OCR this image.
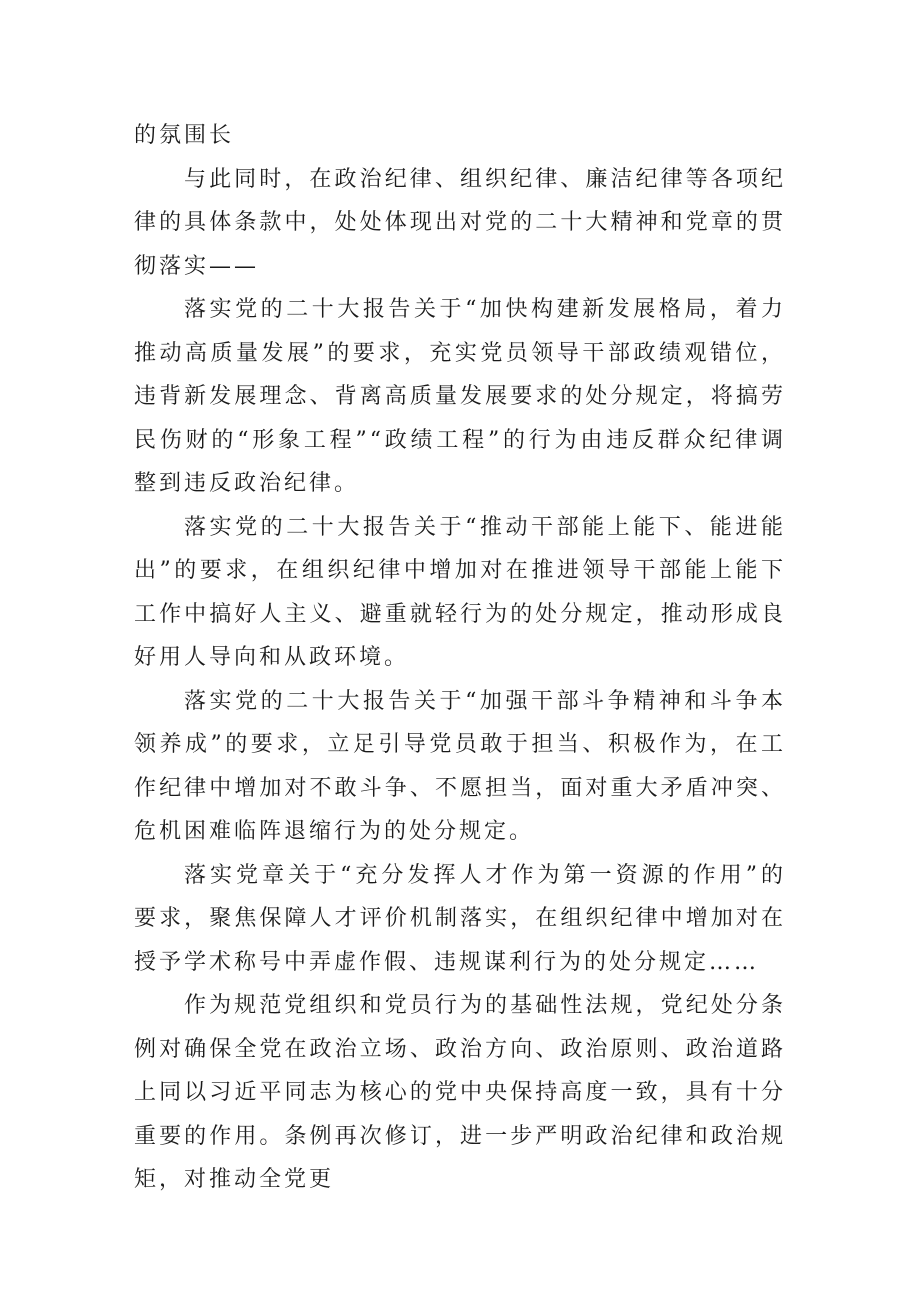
的氛围长

与此同时，在政治纪律、组织纪律、廉洁纪律等各项纪律的具体条款中，处处体现出对党的二十大精神和党章的贯彻落实——

落实党的二十大报告关于“加快构建新发展格局，着力推动高质量发展”的要求，充实党员领导干部政绩观错位，违背新发展理念、背离高质量发展要求的处分规定，将搞劳民伤财的“形象工程”“政绩工程”的行为由违反群众纪律调整到违反政治纪律。

落实党的二十大报告关于“推动干部能上能下、能进能出”的要求，在组织纪律中增加对在推进领导干部能上能下工作中搞好人主义、避重就轻行为的处分规定，推动形成良好用人导向和从政环境。

落实党的二十大报告关于“加强干部斗争精神和斗争本领养成”的要求，立足引导党员敢于担当、积极作为，在工作纪律中增加对不敢斗争、不愿担当，面对重大矛盾冲突、危机困难临阵退缩行为的处分规定。

落实党章关于“充分发挥人才作为第一资源的作用”的要求，聚焦保障人才评价机制落实，在组织纪律中增加对在授予学术称号中弄虚作假、违规谋利行为的处分规定……

作为规范党组织和党员行为的基础性法规，党纪处分条例对确保全党在政治立场、政治方向、政治原则、政治道路上同以习近平同志为核心的党中央保持高度一致，具有十分重要的作用。条例再次修订，进一步严明政治纪律和政治规矩，对推动全党更
